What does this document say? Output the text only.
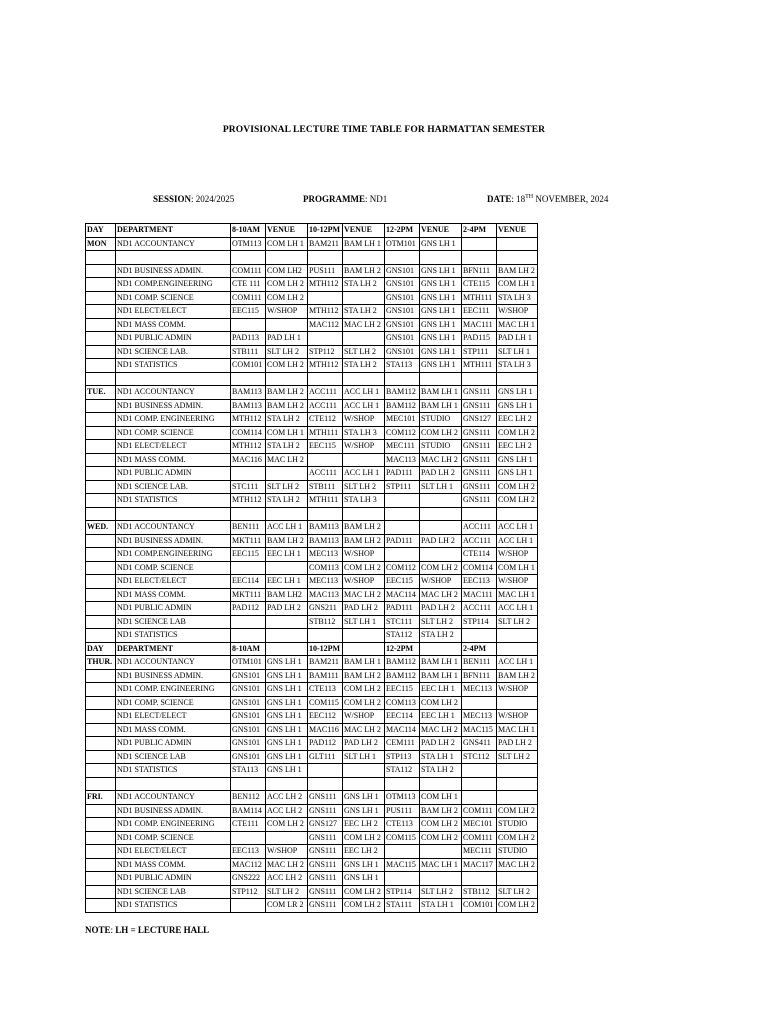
PROVISIONAL LECTURE TIME TABLE FOR HARMATTAN SEMESTER
SESSION: 2024/2025	PROGRAMME: ND1	DATE: 18TH NOVEMBER, 2024
DAY	DEPARTMENT	8-10AM	VENUE	10-12PM	VENUE	12-2PM	VENUE	2-4PM	VENUE
MON	ND1 ACCOUNTANCY	OTM113	COM LH 1	BAM211	BAM LH 1	OTM101	GNS LH 1		

	ND1 BUSINESS ADMIN.	COM111	COM LH2	PUS111	BAM LH 2	GNS101	GNS LH 1	BFN111	BAM LH 2
	ND1 COMP.ENGINEERING	CTE 111	COM LH 2	MTH112	STA LH 2	GNS101	GNS LH 1	CTE115	COM LH 1
	ND1 COMP. SCIENCE	COM111	COM LH 2			GNS101	GNS LH 1	MTH111	STA LH 3
	ND1 ELECT/ELECT	EEC115	W/SHOP	MTH112	STA LH 2	GNS101	GNS LH 1	EEC111	W/SHOP
	ND1 MASS COMM.			MAC112	MAC LH 2	GNS101	GNS LH 1	MAC111	MAC LH 1
	ND1 PUBLIC ADMIN	PAD113	PAD LH 1			GNS101	GNS LH 1	PAD115	PAD LH 1
	ND1 SCIENCE LAB.	STB111	SLT LH 2	STP112	SLT LH 2	GNS101	GNS LH 1	STP111	SLT LH 1
	ND1 STATISTICS	COM101	COM LH 2	MTH112	STA LH 2	STA113	GNS LH 1	MTH111	STA LH 3

TUE.	ND1 ACCOUNTANCY	BAM113	BAM LH 2	ACC111	ACC LH 1	BAM112	BAM LH 1	GNS111	GNS LH 1
	ND1 BUSINESS ADMIN.	BAM113	BAM LH 2	ACC111	ACC LH 1	BAM112	BAM LH 1	GNS111	GNS LH 1
	ND1 COMP. ENGINEERING	MTH112	STA LH 2	CTE112	W/SHOP	MEC101	STUDIO	GNS127	EEC LH 2
	ND1 COMP. SCIENCE	COM114	COM LH 1	MTH111	STA LH 3	COM112	COM LH 2	GNS111	COM LH 2
	ND1 ELECT/ELECT	MTH112	STA LH 2	EEC115	W/SHOP	MEC111	STUDIO	GNS111	EEC LH 2
	ND1 MASS COMM.	MAC116	MAC LH 2			MAC113	MAC LH 2	GNS111	GNS LH 1
	ND1 PUBLIC ADMIN			ACC111	ACC LH 1	PAD111	PAD LH 2	GNS111	GNS LH 1
	ND1 SCIENCE LAB.	STC111	SLT LH 2	STB111	SLT LH 2	STP111	SLT LH 1	GNS111	COM LH 2
	ND1 STATISTICS	MTH112	STA LH 2	MTH111	STA LH 3			GNS111	COM LH 2

WED.	ND1 ACCOUNTANCY	BEN111	ACC LH 1	BAM113	BAM LH 2			ACC111	ACC LH 1
	ND1 BUSINESS ADMIN.	MKT111	BAM LH 2	BAM113	BAM LH 2	PAD111	PAD LH 2	ACC111	ACC LH 1
	ND1 COMP.ENGINEERING	EEC115	EEC LH 1	MEC113	W/SHOP			CTE114	W/SHOP
	ND1 COMP. SCIENCE			COM113	COM LH 2	COM112	COM LH 2	COM114	COM LH 1
	ND1 ELECT/ELECT	EEC114	EEC LH 1	MEC113	W/SHOP	EEC115	W/SHOP	EEC113	W/SHOP
	ND1 MASS COMM.	MKT111	BAM LH2	MAC113	MAC LH 2	MAC114	MAC LH 2	MAC111	MAC LH 1
	ND1 PUBLIC ADMIN	PAD112	PAD LH 2	GNS211	PAD LH 2	PAD111	PAD LH 2	ACC111	ACC LH 1
	ND1 SCIENCE LAB			STB112	SLT LH 1	STC111	SLT LH 2	STP114	SLT LH 2
	ND1 STATISTICS					STA112	STA LH 2		
DAY	DEPARTMENT	8-10AM		10-12PM		12-2PM		2-4PM	
THUR.	ND1 ACCOUNTANCY	OTM101	GNS LH 1	BAM211	BAM LH 1	BAM112	BAM LH 1	BEN111	ACC LH 1
	ND1 BUSINESS ADMIN.	GNS101	GNS LH 1	BAM111	BAM LH 2	BAM112	BAM LH 1	BFN111	BAM LH 2
	ND1 COMP. ENGINEERING	GNS101	GNS LH 1	CTE113	COM LH 2	EEC115	EEC LH 1	MEC113	W/SHOP
	ND1 COMP. SCIENCE	GNS101	GNS LH 1	COM115	COM LH 2	COM113	COM LH 2		
	ND1 ELECT/ELECT	GNS101	GNS LH 1	EEC112	W/SHOP	EEC114	EEC LH 1	MEC113	W/SHOP
	ND1 MASS COMM.	GNS101	GNS LH 1	MAC116	MAC LH 2	MAC114	MAC LH 2	MAC115	MAC LH 1
	ND1 PUBLIC ADMIN	GNS101	GNS LH 1	PAD112	PAD LH 2	CEM111	PAD LH 2	GNS411	PAD LH 2
	ND1 SCIENCE LAB	GNS101	GNS LH 1	GLT111	SLT LH 1	STP113	STA LH 1	STC112	SLT LH 2
	ND1 STATISTICS	STA113	GNS LH 1			STA112	STA LH 2		

FRI.	ND1 ACCOUNTANCY	BEN112	ACC LH 2	GNS111	GNS LH 1	OTM113	COM LH 1		
	ND1 BUSINESS ADMIN.	BAM114	ACC LH 2	GNS111	GNS LH 1	PUS111	BAM LH 2	COM111	COM LH 2
	ND1 COMP. ENGINEERING	CTE111	COM LH 2	GNS127	EEC LH 2	CTE113	COM LH 2	MEC101	STUDIO
	ND1 COMP. SCIENCE			GNS111	COM LH 2	COM115	COM LH 2	COM111	COM LH 2
	ND1 ELECT/ELECT	EEC113	W/SHOP	GNS111	EEC LH 2			MEC111	STUDIO
	ND1 MASS COMM.	MAC112	MAC LH 2	GNS111	GNS LH 1	MAC115	MAC LH 1	MAC117	MAC LH 2
	ND1 PUBLIC ADMIN	GNS222	ACC LH 2	GNS111	GNS LH 1				
	ND1 SCIENCE LAB	STP112	SLT LH 2	GNS111	COM LH 2	STP114	SLT LH 2	STB112	SLT LH 2
	ND1 STATISTICS		COM LR 2	GNS111	COM LH 2	STA111	STA LH 1	COM101	COM LH 2
NOTE: LH = LECTURE HALL
